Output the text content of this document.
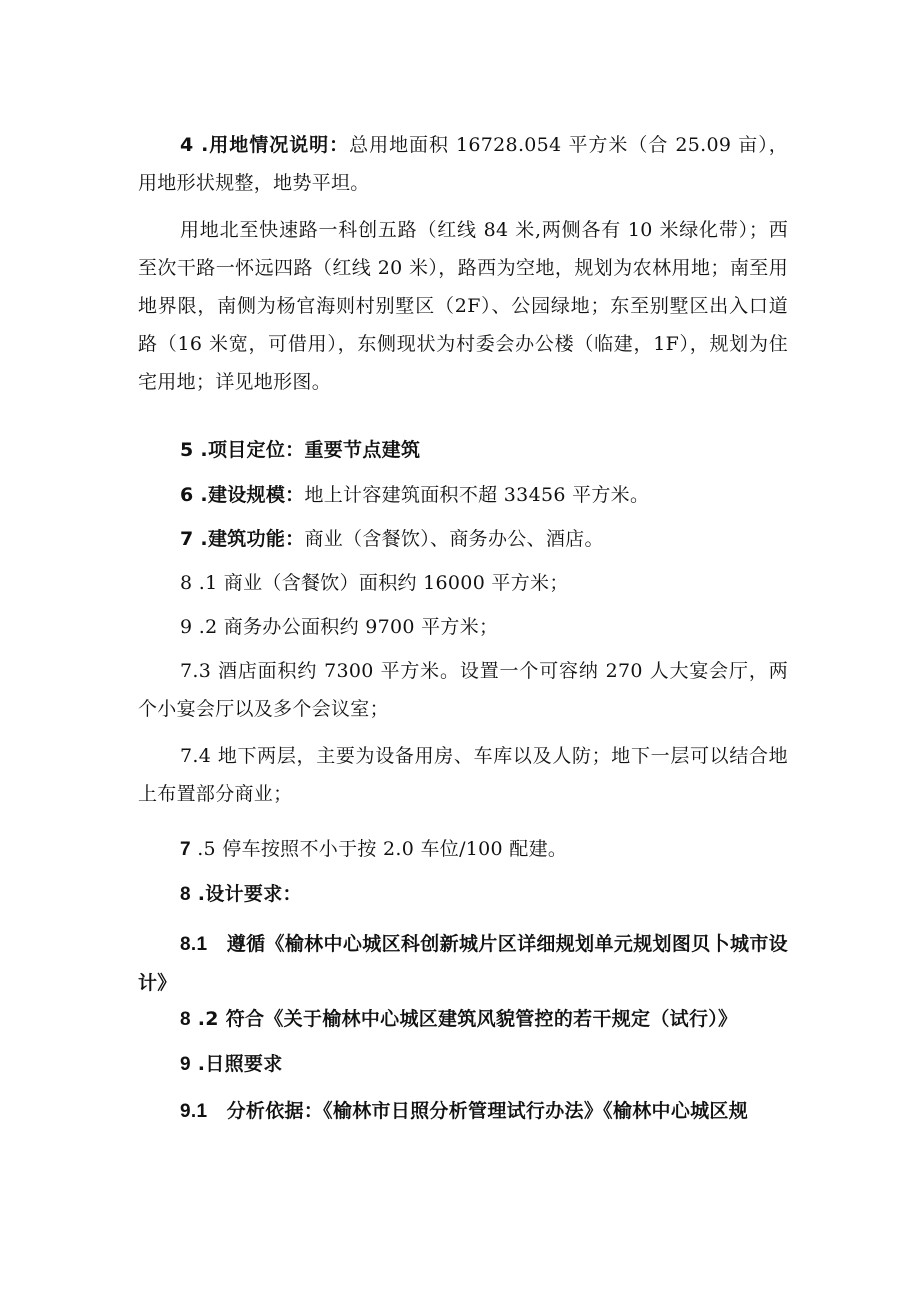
4 .用地情况说明：总用地面积 16728.054 平方米（合 25.09 亩），用地形状规整，地势平坦。

用地北至快速路一科创五路（红线 84 米,两侧各有 10 米绿化带）；西至次干路一怀远四路（红线 20 米），路西为空地，规划为农林用地；南至用地界限，南侧为杨官海则村别墅区（2F）、公园绿地；东至别墅区出入口道路（16 米宽，可借用），东侧现状为村委会办公楼（临建，1F），规划为住宅用地；详见地形图。

5 .项目定位：重要节点建筑

6 .建设规模：地上计容建筑面积不超 33456 平方米。

7 .建筑功能：商业（含餐饮）、商务办公、酒店。

8 .1 商业（含餐饮）面积约 16000 平方米；

9 .2 商务办公面积约 9700 平方米；

7.3 酒店面积约 7300 平方米。设置一个可容纳 270 人大宴会厅，两个小宴会厅以及多个会议室；

7.4 地下两层，主要为设备用房、车库以及人防；地下一层可以结合地上布置部分商业；

7 .5 停车按照不小于按 2.0 车位/100 配建。

8 .设计要求：

8.1　遵循《榆林中心城区科创新城片区详细规划单元规划图贝卜城市设计》

8 .2 符合《关于榆林中心城区建筑风貌管控的若干规定（试行）》

9 .日照要求

9.1　分析依据：《榆林市日照分析管理试行办法》《榆林中心城区规
